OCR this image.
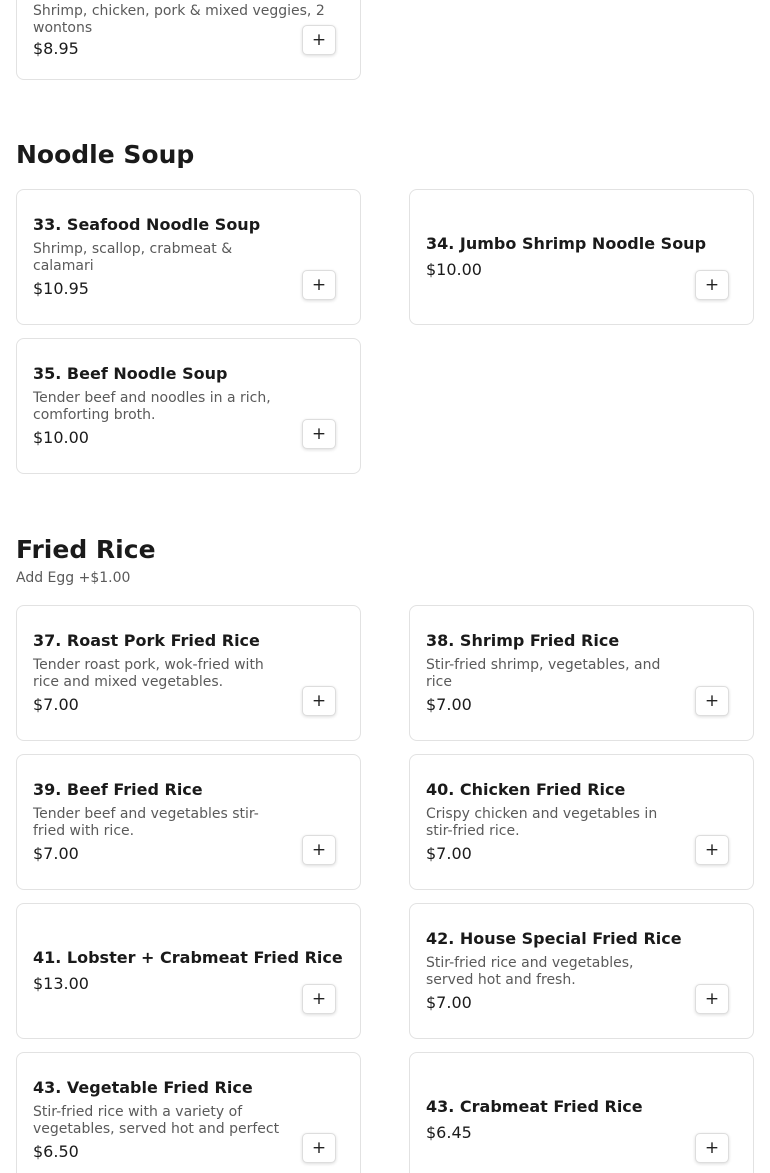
Shrimp, chicken, pork & mixed veggies, 2 wontons
$8.95	+
Noodle Soup
33. Seafood Noodle Soup
Shrimp, scallop, crabmeat & calamari
$10.95	+
34. Jumbo Shrimp Noodle Soup
$10.00
+
35. Beef Noodle Soup
Tender beef and noodles in a rich, comforting broth.
$10.00	+
Fried Rice
Add Egg +$1.00
37. Roast Pork Fried Rice
Tender roast pork, wok-fried with rice and mixed vegetables.
$7.00	+
38. Shrimp Fried Rice
Stir-fried shrimp, vegetables, and rice
$7.00	+
39. Beef Fried Rice
Tender beef and vegetables stir-fried with rice.
$7.00	+
40. Chicken Fried Rice
Crispy chicken and vegetables in stir-fried rice.
$7.00	+
41. Lobster + Crabmeat Fried Rice
$13.00
+
42. House Special Fried Rice
Stir-fried rice and vegetables, served hot and fresh.
$7.00	+
43. Vegetable Fried Rice
Stir-fried rice with a variety of vegetables, served hot and perfect
$6.50	+
43. Crabmeat Fried Rice
$6.45
+
